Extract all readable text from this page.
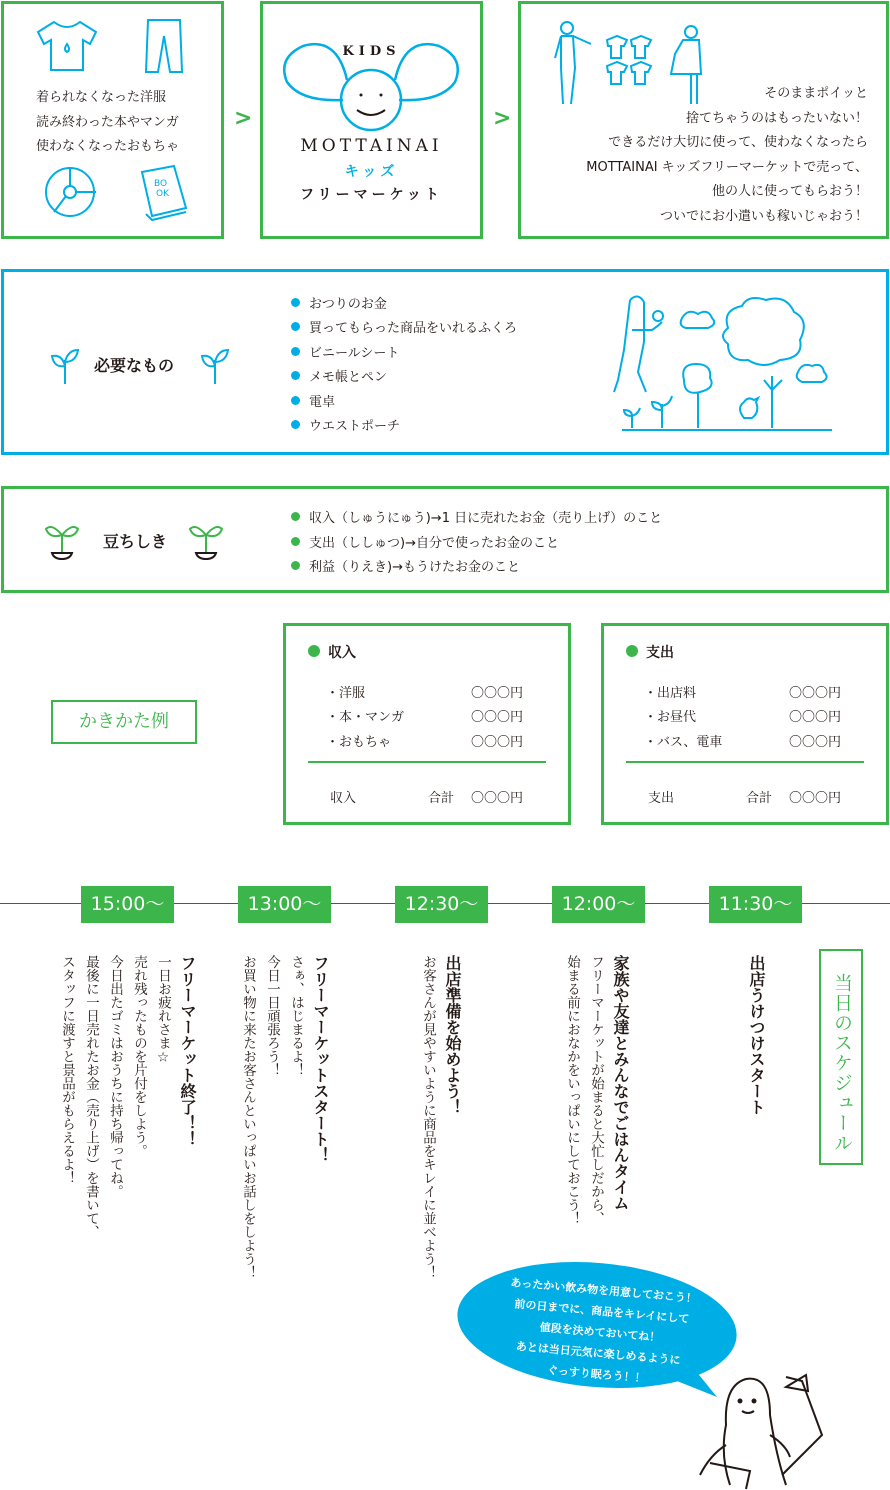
着られなくなった洋服
読み終わった本やマンガ
使わなくなったおもちゃ
BO
OK
>
KIDS
MOTTAINAI
キッズ
フリーマーケット
>
そのままポイッと
捨てちゃうのはもったいない！
できるだけ大切に使って、使わなくなったら
MOTTAINAI キッズフリーマーケットで売って、
他の人に使ってもらおう！
ついでにお小遣いも稼いじゃおう！
必要なもの
おつりのお金
買ってもらった商品をいれるふくろ
ビニールシート
メモ帳とペン
電卓
ウエストポーチ
豆ちしき
収入（しゅうにゅう)→1 日に売れたお金（売り上げ）のこと
支出（ししゅつ)→自分で使ったお金のこと
利益（りえき)→もうけたお金のこと
かきかた例
収入
・洋服	〇〇〇円
・本・マンガ	〇〇〇円
・おもちゃ	〇〇〇円
収入	合計 〇〇〇円
支出
・出店料	〇〇〇円
・お昼代	〇〇〇円
・バス、電車	〇〇〇円
支出	合計 〇〇〇円
15:00〜	13:00〜	12:30〜	12:00〜	11:30〜
当日のスケジュール
出店うけつけスタート
家族や友達とみんなでごはんタイム
フリーマーケットが始まると大忙しだから、
始まる前におなかをいっぱいにしておこう！
出店準備を始めよう！
お客さんが見やすいように商品をキレイに並べよう！
フリーマーケットスタート！
さぁ、はじまるよ！
今日一日頑張ろう！
お買い物に来たお客さんといっぱいお話しをしよう！
フリーマーケット終了！！
一日お疲れさま☆
売れ残ったものを片付をしよう。
今日出たゴミはおうちに持ち帰ってね。
最後に一日売れたお金（売り上げ）を書いて、
スタッフに渡すと景品がもらえるよ！
あったかい飲み物を用意しておこう！
前の日までに、商品をキレイにして
値段を決めておいてね！
あとは当日元気に楽しめるように
ぐっすり眠ろう！！
